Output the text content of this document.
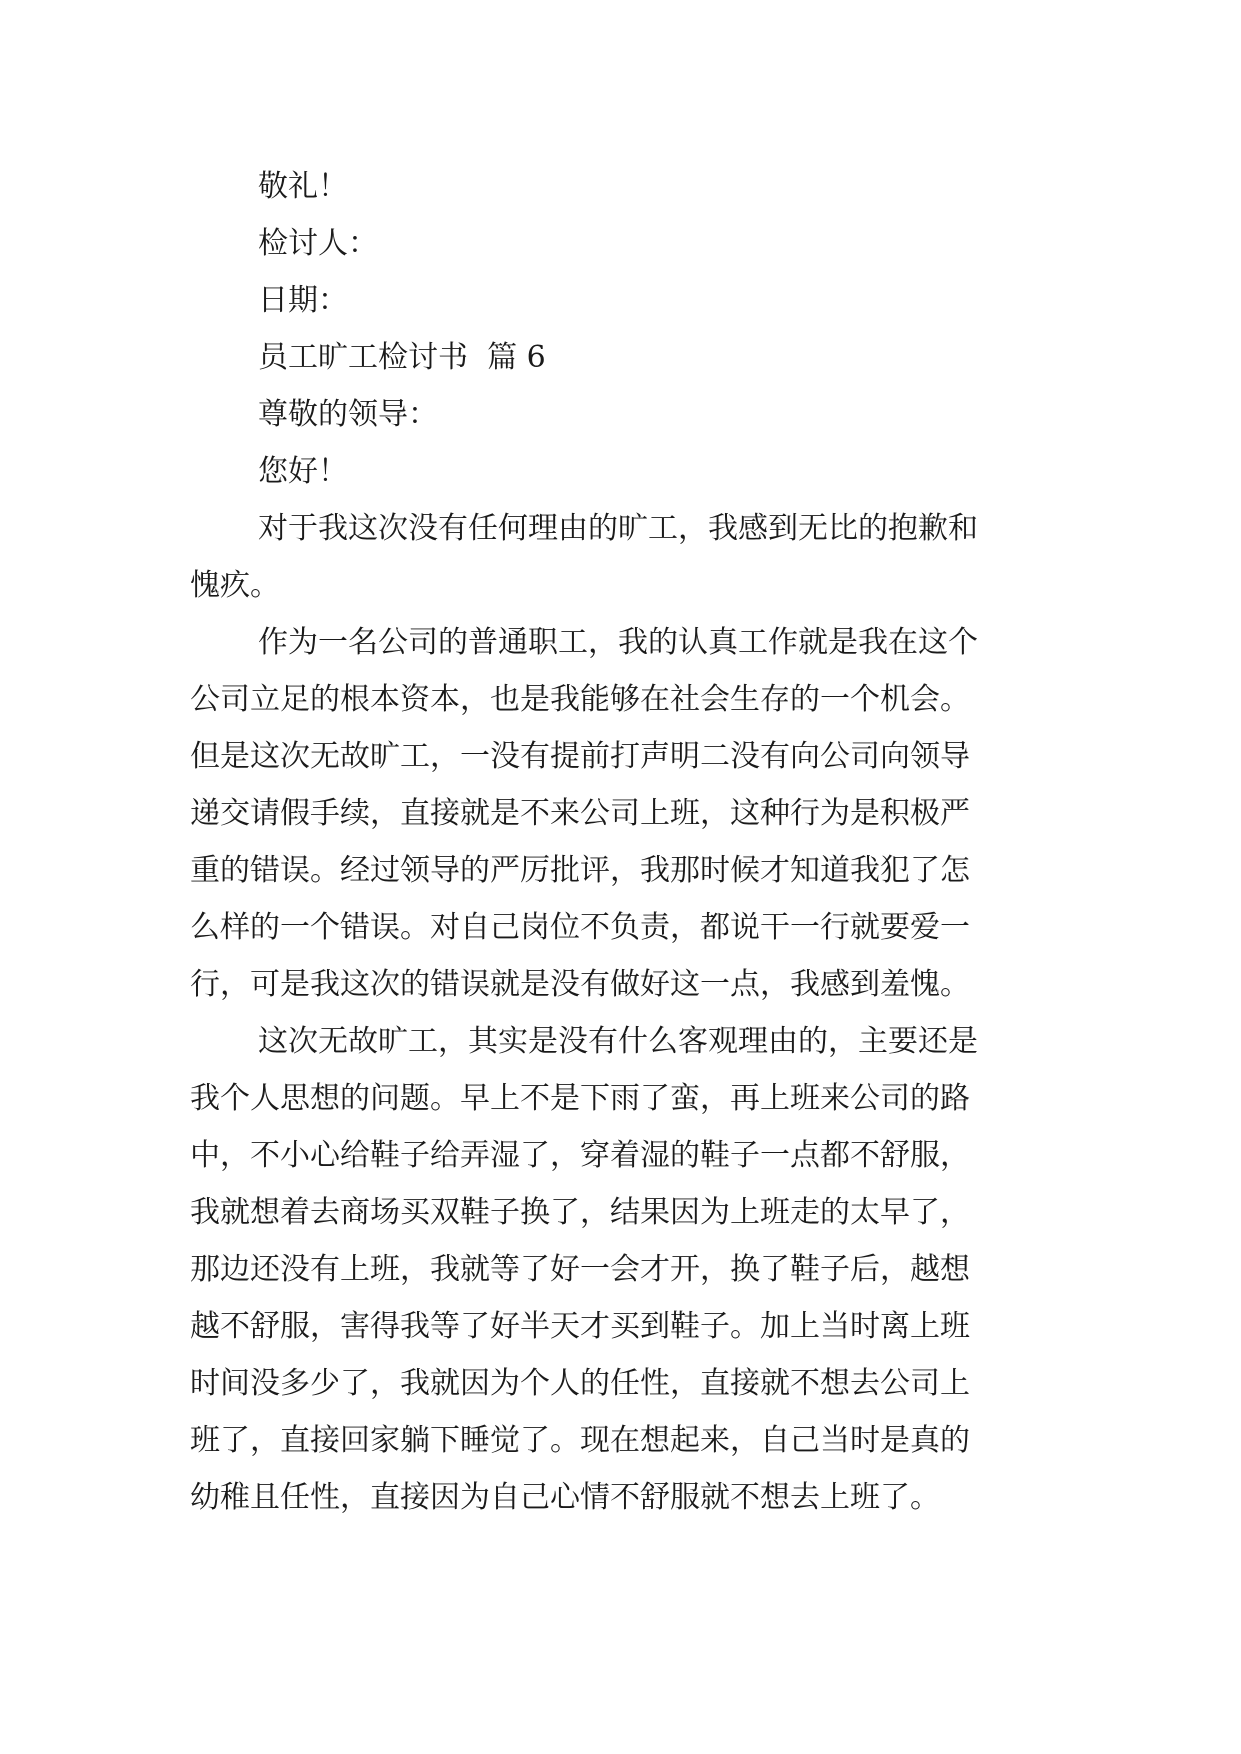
敬礼！
检讨人：
日期：
员工旷工检讨书  篇 6
尊敬的领导：
您好！
对于我这次没有任何理由的旷工，我感到无比的抱歉和
愧疚。
作为一名公司的普通职工，我的认真工作就是我在这个
公司立足的根本资本，也是我能够在社会生存的一个机会。
但是这次无故旷工，一没有提前打声明二没有向公司向领导
递交请假手续，直接就是不来公司上班，这种行为是积极严
重的错误。经过领导的严厉批评，我那时候才知道我犯了怎
么样的一个错误。对自己岗位不负责，都说干一行就要爱一
行，可是我这次的错误就是没有做好这一点，我感到羞愧。
这次无故旷工，其实是没有什么客观理由的，主要还是
我个人思想的问题。早上不是下雨了蛮，再上班来公司的路
中，不小心给鞋子给弄湿了，穿着湿的鞋子一点都不舒服，
我就想着去商场买双鞋子换了，结果因为上班走的太早了，
那边还没有上班，我就等了好一会才开，换了鞋子后，越想
越不舒服，害得我等了好半天才买到鞋子。加上当时离上班
时间没多少了，我就因为个人的任性，直接就不想去公司上
班了，直接回家躺下睡觉了。现在想起来，自己当时是真的
幼稚且任性，直接因为自己心情不舒服就不想去上班了。
